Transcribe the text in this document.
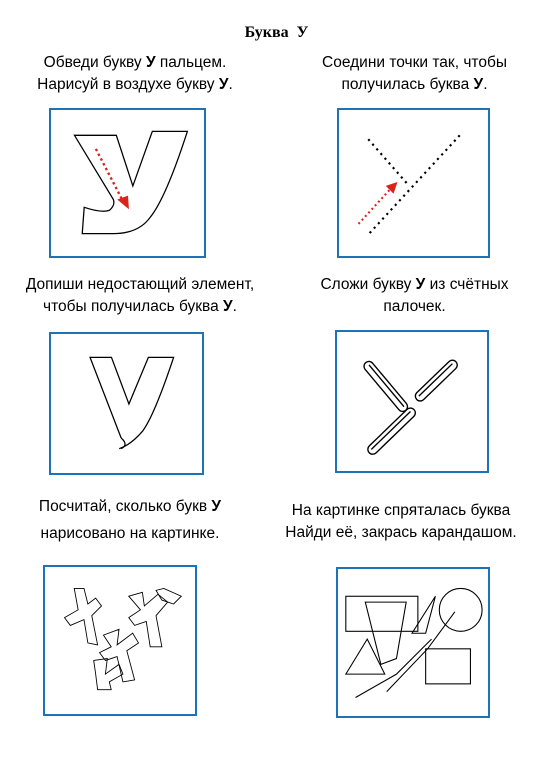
Буква  У
Обведи букву У пальцем.
Нарисуй в воздухе букву У.
Соедини точки так, чтобы
получилась буква У.
Допиши недостающий элемент,
чтобы получилась буква У.
Сложи букву У из счётных
палочек.
Посчитай, сколько букв У
нарисовано на картинке.
На картинке спряталась буква
Найди её, закрась карандашом.
